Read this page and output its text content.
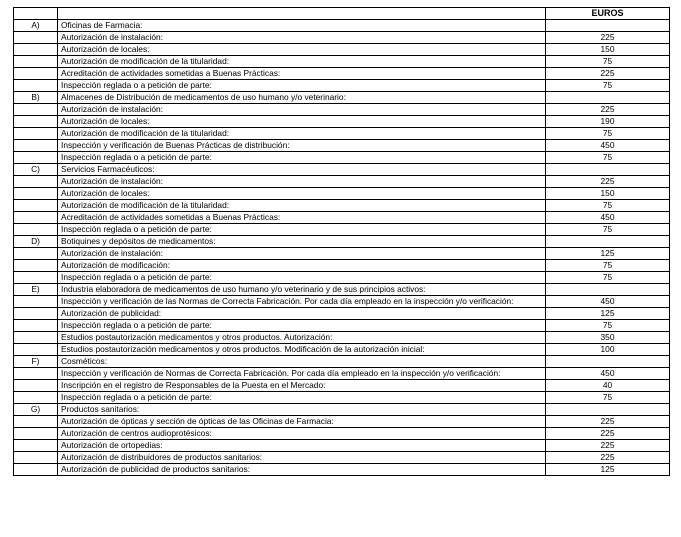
		EUROS
A)	Oficinas de Farmacia:	
	Autorización de instalación:	225
	Autorización de locales:	150
	Autorización de modificación de la titularidad:	75
	Acreditación de actividades sometidas a Buenas Prácticas:	225
	Inspección reglada o a petición de parte:	75
B)	Almacenes de Distribución de medicamentos de uso humano y/o veterinario:	
	Autorización de instalación:	225
	Autorización de locales:	190
	Autorización de modificación de la titularidad:	75
	Inspección y verificación de Buenas Prácticas de distribución:	450
	Inspección reglada o a petición de parte:	75
C)	Servicios Farmacéuticos:	
	Autorización de instalación:	225
	Autorización de locales:	150
	Autorización de modificación de la titularidad:	75
	Acreditación de actividades sometidas a Buenas Prácticas:	450
	Inspección reglada o a petición de parte:	75
D)	Botiquines y depósitos de medicamentos:	
	Autorización de instalación:	125
	Autorización de modificación:	75
	Inspección reglada o a petición de parte:	75
E)	Industria elaboradora de medicamentos de uso humano y/o veterinario y de sus principios activos:	
	Inspección y verificación de las Normas de Correcta Fabricación. Por cada día empleado en la inspección y/o verificación:	450
	Autorización de publicidad:	125
	Inspección reglada o a petición de parte:	75
	Estudios postautorización medicamentos y otros productos. Autorización:	350
	Estudios postautorización medicamentos y otros productos. Modificación de la autorización inicial:	100
F)	Cosméticos:	
	Inspección y verificación de Normas de Correcta Fabricación. Por cada día empleado en la inspección y/o verificación:	450
	Inscripción en el registro de Responsables de la Puesta en el Mercado:	40
	Inspección reglada o a petición de parte:	75
G)	Productos sanitarios:	
	Autorización de ópticas y sección de ópticas de las Oficinas de Farmacia:	225
	Autorización de centros audioprotésicos:	225
	Autorización de ortopedias:	225
	Autorización de distribuidores de productos sanitarios:	225
	Autorización de publicidad de productos sanitarios:	125
